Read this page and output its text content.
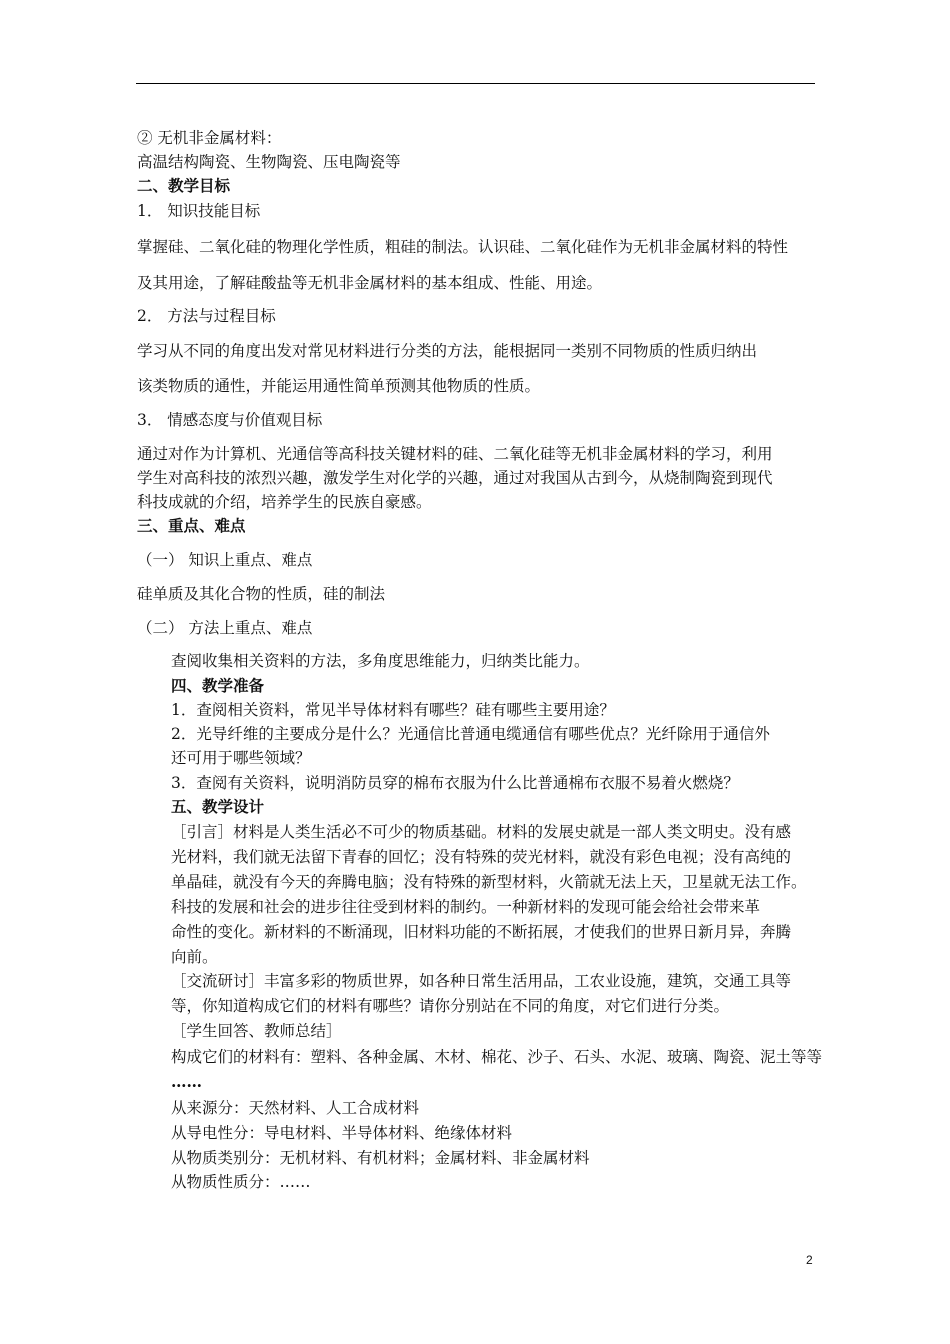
② 无机非金属材料：
高温结构陶瓷、生物陶瓷、压电陶瓷等
二、教学目标
1． 知识技能目标
掌握硅、二氧化硅的物理化学性质，粗硅的制法。认识硅、二氧化硅作为无机非金属材料的特性
及其用途，了解硅酸盐等无机非金属材料的基本组成、性能、用途。
2． 方法与过程目标
学习从不同的角度出发对常见材料进行分类的方法，能根据同一类别不同物质的性质归纳出
该类物质的通性，并能运用通性简单预测其他物质的性质。
3． 情感态度与价值观目标
通过对作为计算机、光通信等高科技关键材料的硅、二氧化硅等无机非金属材料的学习，利用
学生对高科技的浓烈兴趣，激发学生对化学的兴趣，通过对我国从古到今，从烧制陶瓷到现代
科技成就的介绍，培养学生的民族自豪感。
三、重点、难点
（一） 知识上重点、难点
硅单质及其化合物的性质，硅的制法
（二） 方法上重点、难点
查阅收集相关资料的方法，多角度思维能力，归纳类比能力。
四、教学准备
1．查阅相关资料，常见半导体材料有哪些？硅有哪些主要用途？
2．光导纤维的主要成分是什么？光通信比普通电缆通信有哪些优点？光纤除用于通信外
还可用于哪些领域？
3．查阅有关资料，说明消防员穿的棉布衣服为什么比普通棉布衣服不易着火燃烧？
五、教学设计
［引言］材料是人类生活必不可少的物质基础。材料的发展史就是一部人类文明史。没有感
光材料，我们就无法留下青春的回忆；没有特殊的荧光材料，就没有彩色电视；没有高纯的
单晶硅，就没有今天的奔腾电脑；没有特殊的新型材料，火箭就无法上天，卫星就无法工作。
科技的发展和社会的进步往往受到材料的制约。一种新材料的发现可能会给社会带来革
命性的变化。新材料的不断涌现，旧材料功能的不断拓展，才使我们的世界日新月异，奔腾
向前。
［交流研讨］丰富多彩的物质世界，如各种日常生活用品，工农业设施，建筑，交通工具等
等，你知道构成它们的材料有哪些？请你分别站在不同的角度，对它们进行分类。
［学生回答、教师总结］
构成它们的材料有：塑料、各种金属、木材、棉花、沙子、石头、水泥、玻璃、陶瓷、泥土等等
……
从来源分：天然材料、人工合成材料
从导电性分：导电材料、半导体材料、绝缘体材料
从物质类别分：无机材料、有机材料；金属材料、非金属材料
从物质性质分：……
2
